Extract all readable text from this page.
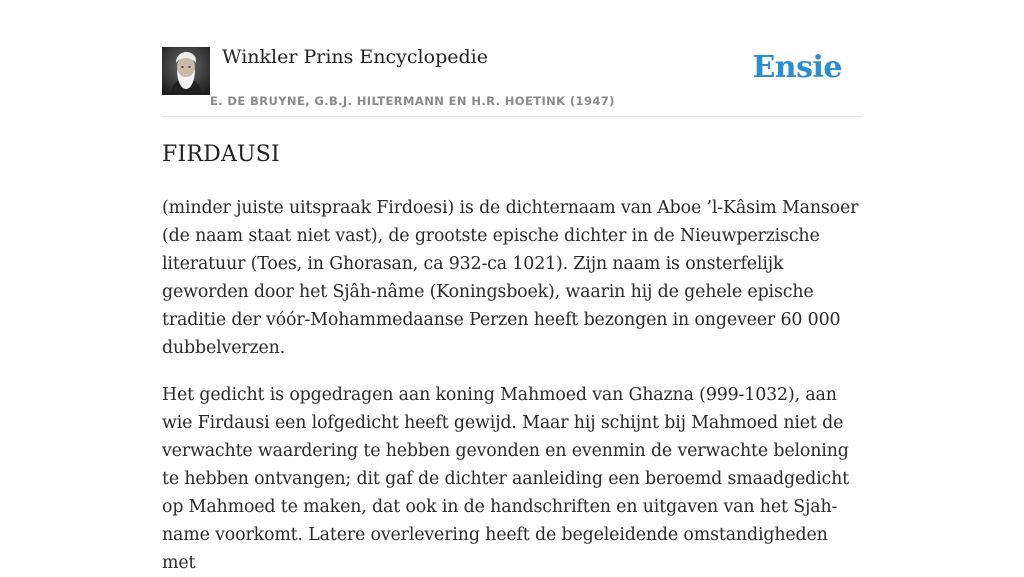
Winkler Prins Encyclopedie
E. DE BRUYNE, G.B.J. HILTERMANN EN H.R. HOETINK (1947)
Ensie
FIRDAUSI

(minder juiste uitspraak Firdoesi) is de dichternaam van Aboe ’l-Kâsim Mansoer (de naam staat niet vast), de grootste epische dichter in de Nieuwperzische literatuur (Toes, in Ghorasan, ca 932-ca 1021). Zijn naam is onsterfelijk geworden door het Sjâh-nâme (Koningsboek), waarin hij de gehele epische traditie der vóór-Mohammedaanse Perzen heeft bezongen in ongeveer 60 000 dubbelverzen.

Het gedicht is opgedragen aan koning Mahmoed van Ghazna (999-1032), aan wie Firdausi een lofgedicht heeft gewijd. Maar hij schijnt bij Mahmoed niet de verwachte waardering te hebben gevonden en evenmin de verwachte beloning te hebben ontvangen; dit gaf de dichter aanleiding een beroemd smaadgedicht op Mahmoed te maken, dat ook in de handschriften en uitgaven van het Sjah-name voorkomt. Latere overlevering heeft de begeleidende omstandigheden met
